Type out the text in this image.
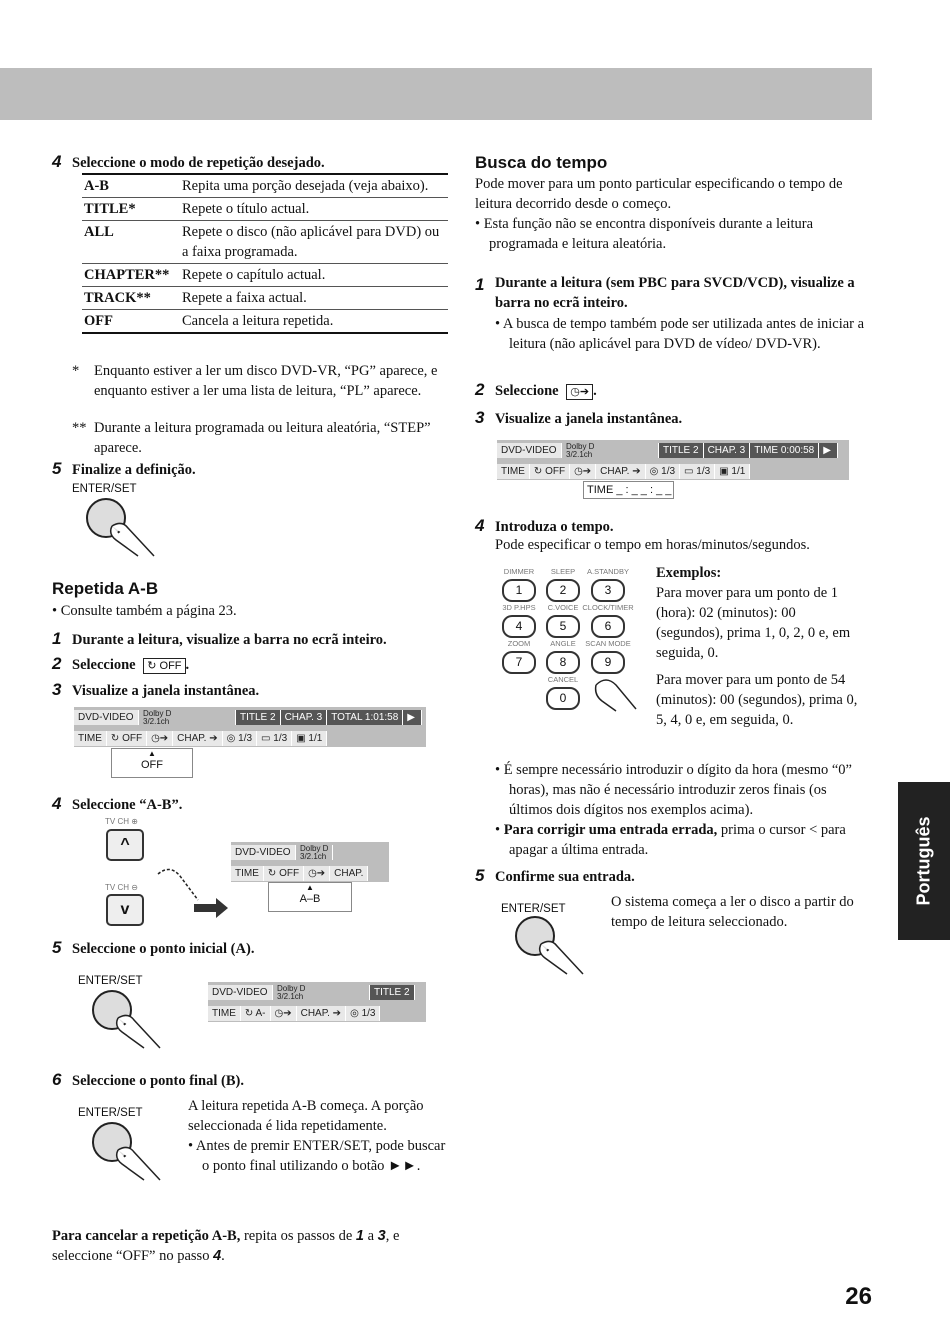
Português
4 Seleccione o modo de repetição desejado.
A-B	Repita uma porção desejada (veja abaixo).
TITLE*	Repete o título actual.
ALL	Repete o disco (não aplicável para DVD) ou a faixa programada.
CHAPTER**	Repete o capítulo actual.
TRACK**	Repete a faixa actual.
OFF	Cancela a leitura repetida.
*	Enquanto estiver a ler um disco DVD-VR, “PG” aparece, e enquanto estiver a ler uma lista de leitura, “PL” aparece.
** Durante a leitura programada ou leitura aleatória, “STEP” aparece.
5 Finalize a definição.
ENTER/SET
Repetida A-B
• Consulte também a página 23.
1 Durante a leitura, visualize a barra no ecrã inteiro.
2 Seleccione ↻ OFF .
3 Visualize a janela instantânea.
DVD-VIDEO	Dolby D
3/2.1ch	TITLE 2 CHAP. 3 TOTAL 1:01:58 ▶
TIME ↻ OFF ◷➔ CHAP. ➔ ◎ 1/3 ▭ 1/3 ▣ 1/1
▲
OFF
4 Seleccione “A-B”.
TV CH ⊕
^
TV CH ⊖
v
DVD-VIDEO	Dolby D
3/2.1ch
TIME ↻ OFF ◷➔ CHAP.
▲
A–B
5 Seleccione o ponto inicial (A).
ENTER/SET
DVD-VIDEO	Dolby D
3/2.1ch	TITLE 2
TIME ↻ A- ◷➔ CHAP. ➔ ◎ 1/3
6 Seleccione o ponto final (B).
ENTER/SET	A leitura repetida A-B começa. A porção seleccionada é lida repetidamente.
• Antes de premir ENTER/SET, pode buscar o ponto final utilizando o botão ►►.
Para cancelar a repetição A-B, repita os passos de 1 a 3, e seleccione “OFF” no passo 4.
Busca do tempo
Pode mover para um ponto particular especificando o tempo de leitura decorrido desde o começo.
• Esta função não se encontra disponíveis durante a leitura programada e leitura aleatória.
1 Durante a leitura (sem PBC para SVCD/VCD), visualize a barra no ecrã inteiro.
• A busca de tempo também pode ser utilizada antes de iniciar a leitura (não aplicável para DVD de vídeo/ DVD-VR).
2 Seleccione ◷➔ .
3 Visualize a janela instantânea.
DVD-VIDEO	Dolby D
3/2.1ch	TITLE 2 CHAP. 3 TIME 0:00:58 ▶
TIME ↻ OFF ◷➔ CHAP. ➔ ◎ 1/3 ▭ 1/3 ▣ 1/1
TIME _ : _ _ : _ _
4 Introduza o tempo.
Pode especificar o tempo em horas/minutos/segundos.
DIMMER	SLEEP	A.STANDBY
1	2	3
3D P.HPS	C.VOICE CLOCK/TIMER
4	5	6
ZOOM	ANGLE	SCAN MODE
7	8	9
CANCEL
0
Exemplos:
Para mover para um ponto de 1 (hora): 02 (minutos): 00 (segundos), prima 1, 0, 2, 0 e, em seguida, 0.
Para mover para um ponto de 54 (minutos): 00 (segundos), prima 0, 5, 4, 0 e, em seguida, 0.
• É sempre necessário introduzir o dígito da hora (mesmo “0” horas), mas não é necessário introduzir zeros finais (os últimos dois dígitos nos exemplos acima).
• Para corrigir uma entrada errada, prima o cursor < para apagar a última entrada.
5 Confirme sua entrada.
ENTER/SET	O sistema começa a ler o disco a partir do tempo de leitura seleccionado.
26
